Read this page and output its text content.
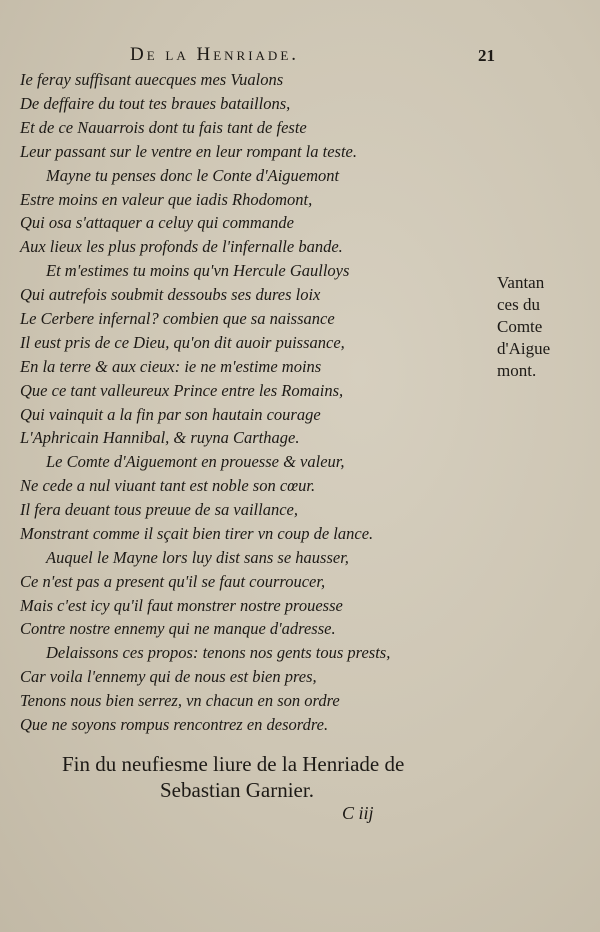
De la Henriade.	21
Ie feray suffisant auecques mes Vualons
De deffaire du tout tes braues bataillons,
Et de ce Nauarrois dont tu fais tant de feste
Leur passant sur le ventre en leur rompant la teste.
Mayne tu penses donc le Conte d'Aiguemont
Estre moins en valeur que iadis Rhodomont,
Qui osa s'attaquer a celuy qui commande
Aux lieux les plus profonds de l'infernalle bande.
Et m'estimes tu moins qu'vn Hercule Gaulloys
Qui autrefois soubmit dessoubs ses dures loix
Le Cerbere infernal? combien que sa naissance
Il eust pris de ce Dieu, qu'on dit auoir puissance,
En la terre & aux cieux: ie ne m'estime moins
Que ce tant valleureux Prince entre les Romains,
Qui vainquit a la fin par son hautain courage
L'Aphricain Hannibal, & ruyna Carthage.
Le Comte d'Aiguemont en prouesse & valeur,
Ne cede a nul viuant tant est noble son cœur.
Il fera deuant tous preuue de sa vaillance,
Monstrant comme il sçait bien tirer vn coup de lance.
Auquel le Mayne lors luy dist sans se hausser,
Ce n'est pas a present qu'il se faut courroucer,
Mais c'est icy qu'il faut monstrer nostre prouesse
Contre nostre ennemy qui ne manque d'adresse.
Delaissons ces propos: tenons nos gents tous prests,
Car voila l'ennemy qui de nous est bien pres,
Tenons nous bien serrez, vn chacun en son ordre
Que ne soyons rompus rencontrez en desordre.
Vantan
ces du
Comte
d'Aigue
mont.
Fin du neufiesme liure de la Henriade de
Sebastian Garnier.
C iij
